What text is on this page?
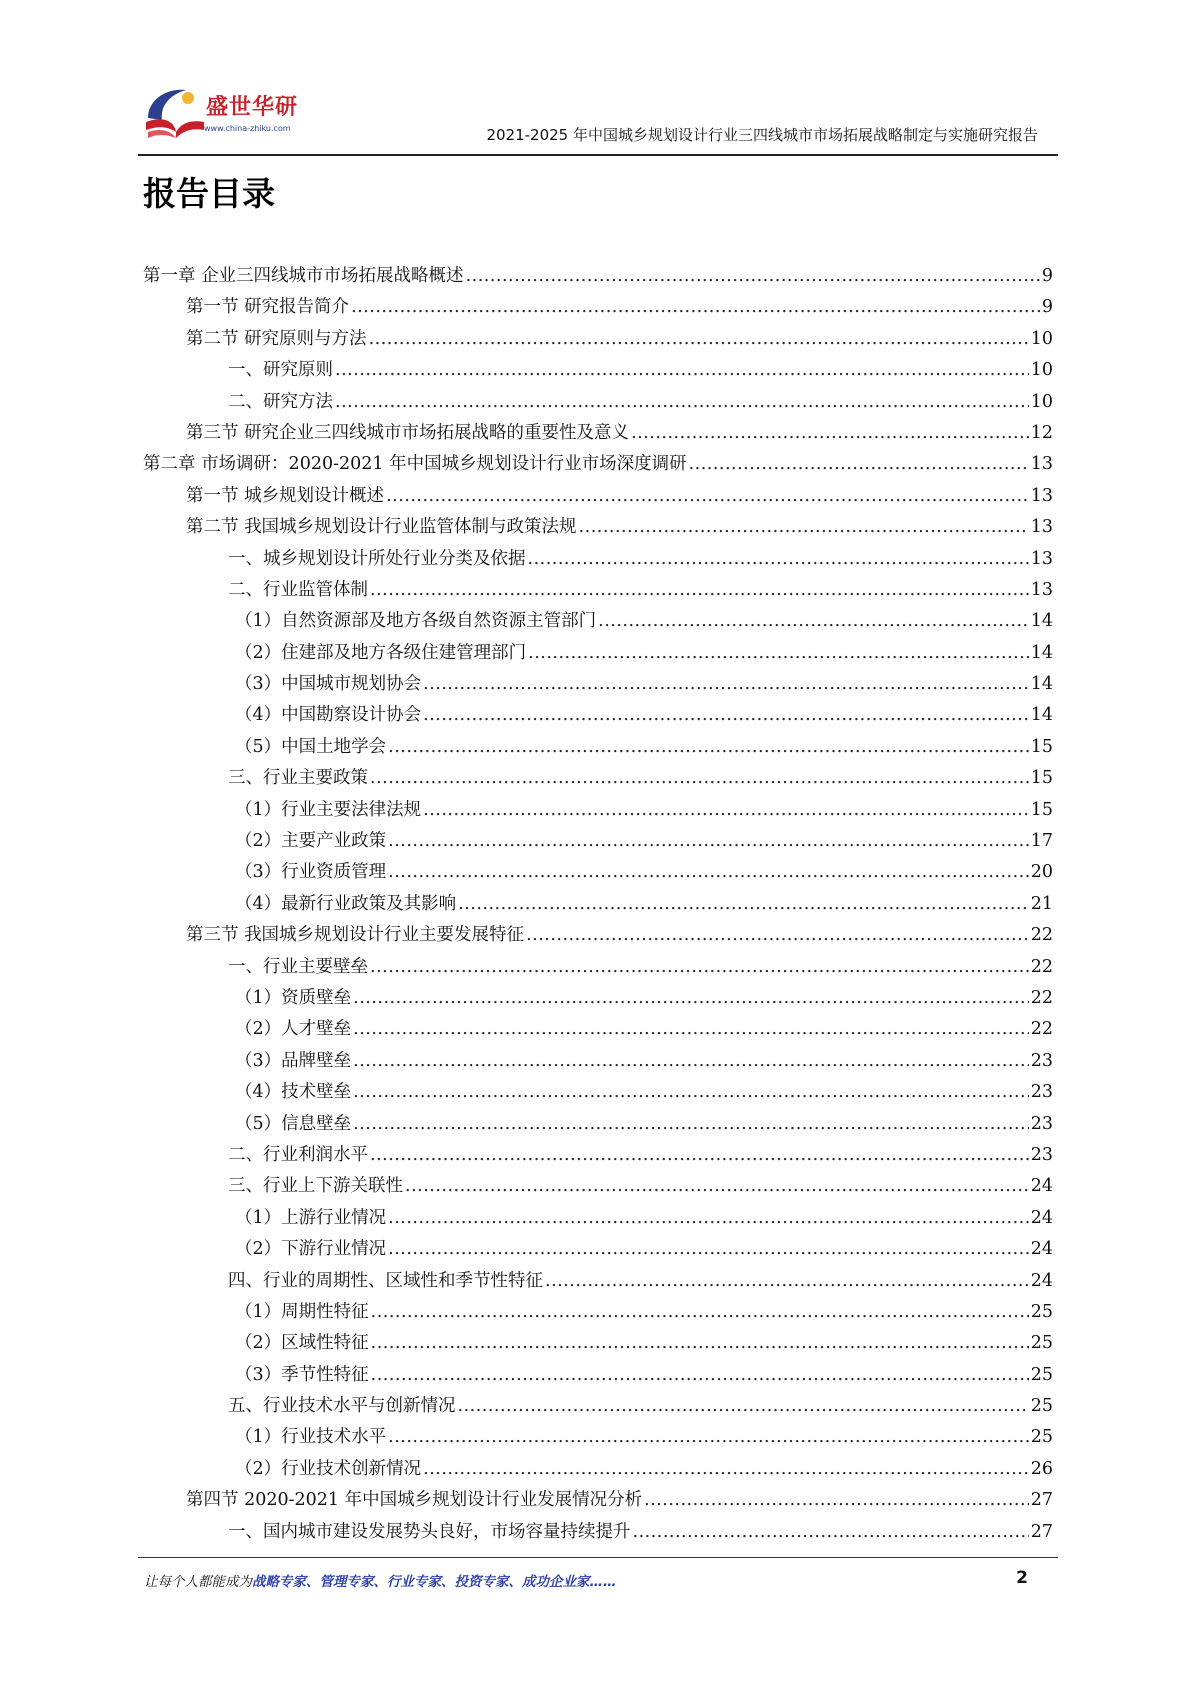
盛世华研
www.china-zhiku.com	2021-2025 年中国城乡规划设计行业三四线城市市场拓展战略制定与实施研究报告
报告目录
第一章 企业三四线城市市场拓展战略概述 .....	9
第一节 研究报告简介 .....	9
第二节 研究原则与方法 .....	10
一、研究原则 .....	10
二、研究方法 .....	10
第三节 研究企业三四线城市市场拓展战略的重要性及意义 .....	12
第二章 市场调研：2020-2021 年中国城乡规划设计行业市场深度调研 .....	13
第一节 城乡规划设计概述 .....	13
第二节 我国城乡规划设计行业监管体制与政策法规 .....	13
一、城乡规划设计所处行业分类及依据 .....	13
二、行业监管体制 .....	13
（1）自然资源部及地方各级自然资源主管部门 .....	14
（2）住建部及地方各级住建管理部门 .....	14
（3）中国城市规划协会 .....	14
（4）中国勘察设计协会 .....	14
（5）中国土地学会 .....	15
三、行业主要政策 .....	15
（1）行业主要法律法规 .....	15
（2）主要产业政策 .....	17
（3）行业资质管理 .....	20
（4）最新行业政策及其影响 .....	21
第三节 我国城乡规划设计行业主要发展特征 .....	22
一、行业主要壁垒 .....	22
（1）资质壁垒 .....	22
（2）人才壁垒 .....	22
（3）品牌壁垒 .....	23
（4）技术壁垒 .....	23
（5）信息壁垒 .....	23
二、行业利润水平 .....	23
三、行业上下游关联性 .....	24
（1）上游行业情况 .....	24
（2）下游行业情况 .....	24
四、行业的周期性、区域性和季节性特征 .....	24
（1）周期性特征 .....	25
（2）区域性特征 .....	25
（3）季节性特征 .....	25
五、行业技术水平与创新情况 .....	25
（1）行业技术水平 .....	25
（2）行业技术创新情况 .....	26
第四节 2020-2021 年中国城乡规划设计行业发展情况分析 .....	27
一、国内城市建设发展势头良好，市场容量持续提升 .....	27
让每个人都能成为战略专家、管理专家、行业专家、投资专家、成功企业家……	2
